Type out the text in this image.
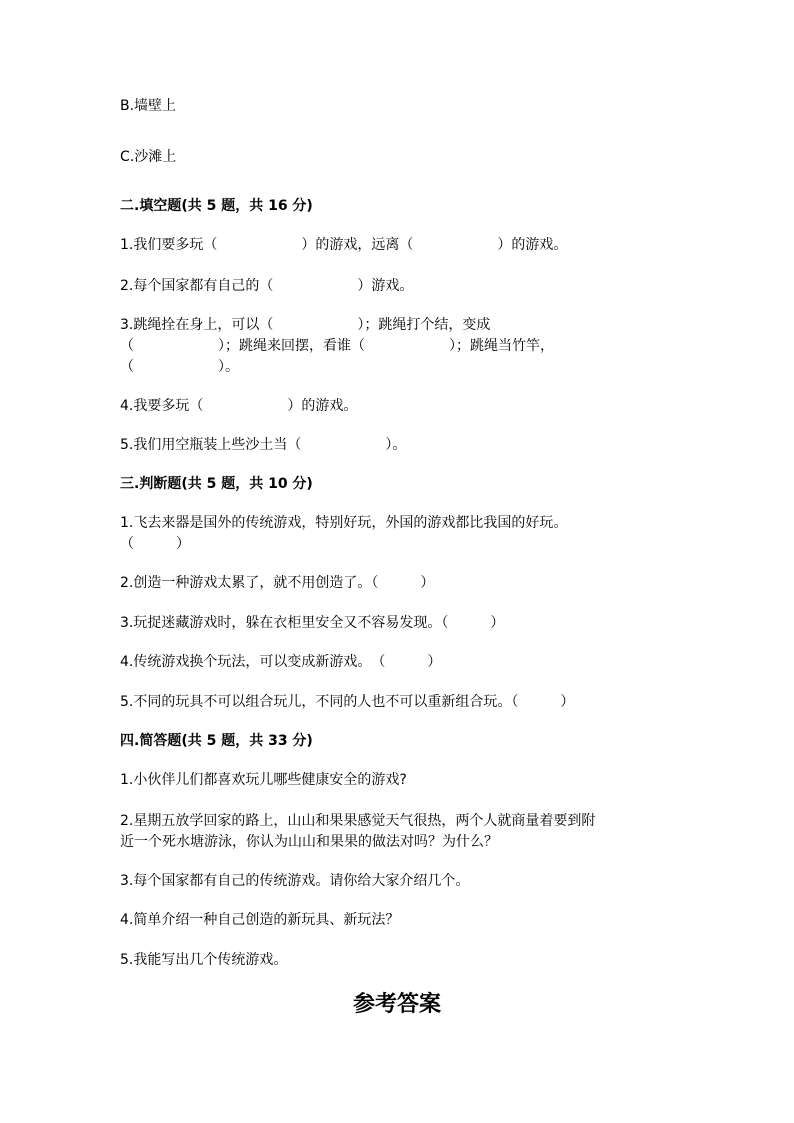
B.墙壁上
C.沙滩上
二.填空题(共 5 题，共 16 分)
1.我们要多玩（　　　　　　）的游戏，远离（　　　　　　）的游戏。
2.每个国家都有自己的（　　　　　　）游戏。
3.跳绳拴在身上，可以（　　　　　　）；跳绳打个结，变成
（　　　　　　）；跳绳来回摆，看谁（　　　　　　）；跳绳当竹竿，
（　　　　　　）。
4.我要多玩（　　　　　　）的游戏。
5.我们用空瓶装上些沙土当（　　　　　　）。
三.判断题(共 5 题，共 10 分)
1.飞去来器是国外的传统游戏，特别好玩，外国的游戏都比我国的好玩。
（　　　）
2.创造一种游戏太累了，就不用创造了。（　　　）
3.玩捉迷藏游戏时，躲在衣柜里安全又不容易发现。（　　　）
4.传统游戏换个玩法，可以变成新游戏。　（　　　）
5.不同的玩具不可以组合玩儿，不同的人也不可以重新组合玩。（　　　）
四.简答题(共 5 题，共 33 分)
1.小伙伴儿们都喜欢玩儿哪些健康安全的游戏?
2.星期五放学回家的路上，山山和果果感觉天气很热，两个人就商量着要到附
近一个死水塘游泳，你认为山山和果果的做法对吗？为什么？
3.每个国家都有自己的传统游戏。请你给大家介绍几个。
4.简单介绍一种自己创造的新玩具、新玩法？
5.我能写出几个传统游戏。
参考答案
